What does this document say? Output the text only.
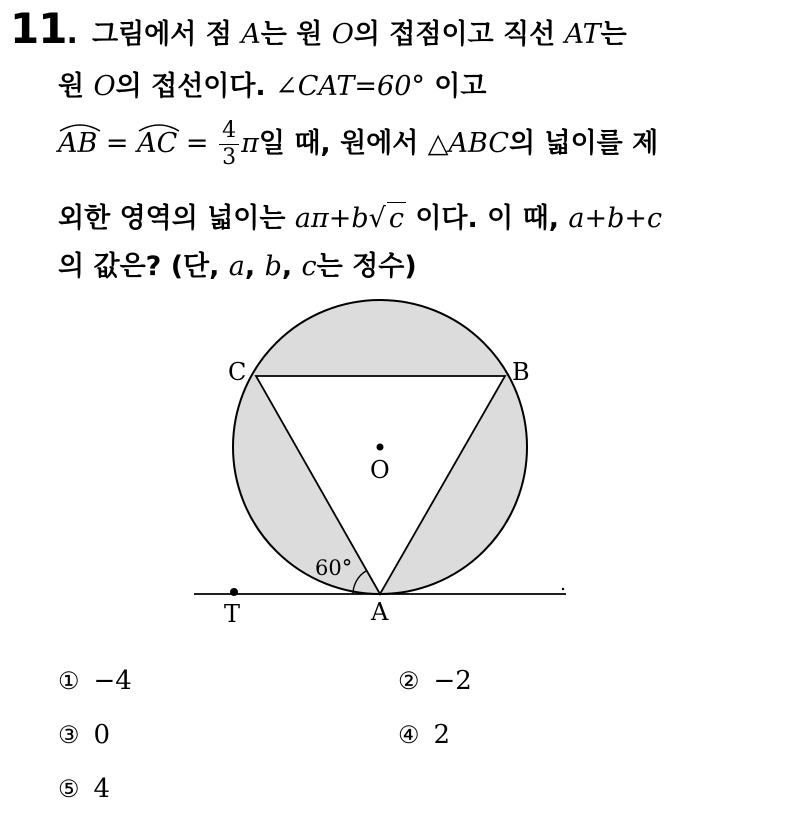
11. 그림에서 점 A는 원 O의 접점이고 직선 AT는
원 O의 접선이다. ∠CAT=60° 이고
AB =
AC = $\frac{4}{3}$ π일 때, 원에서 △ABC의 넓이를 제
외한 영역의 넓이는 aπ+b√ c 이다. 이 때, a+b+c
의 값은? (단, a, b, c는 정수)
C	B
O
A
T
60°
① −4	② −2
③ 0	④ 2
⑤ 4
